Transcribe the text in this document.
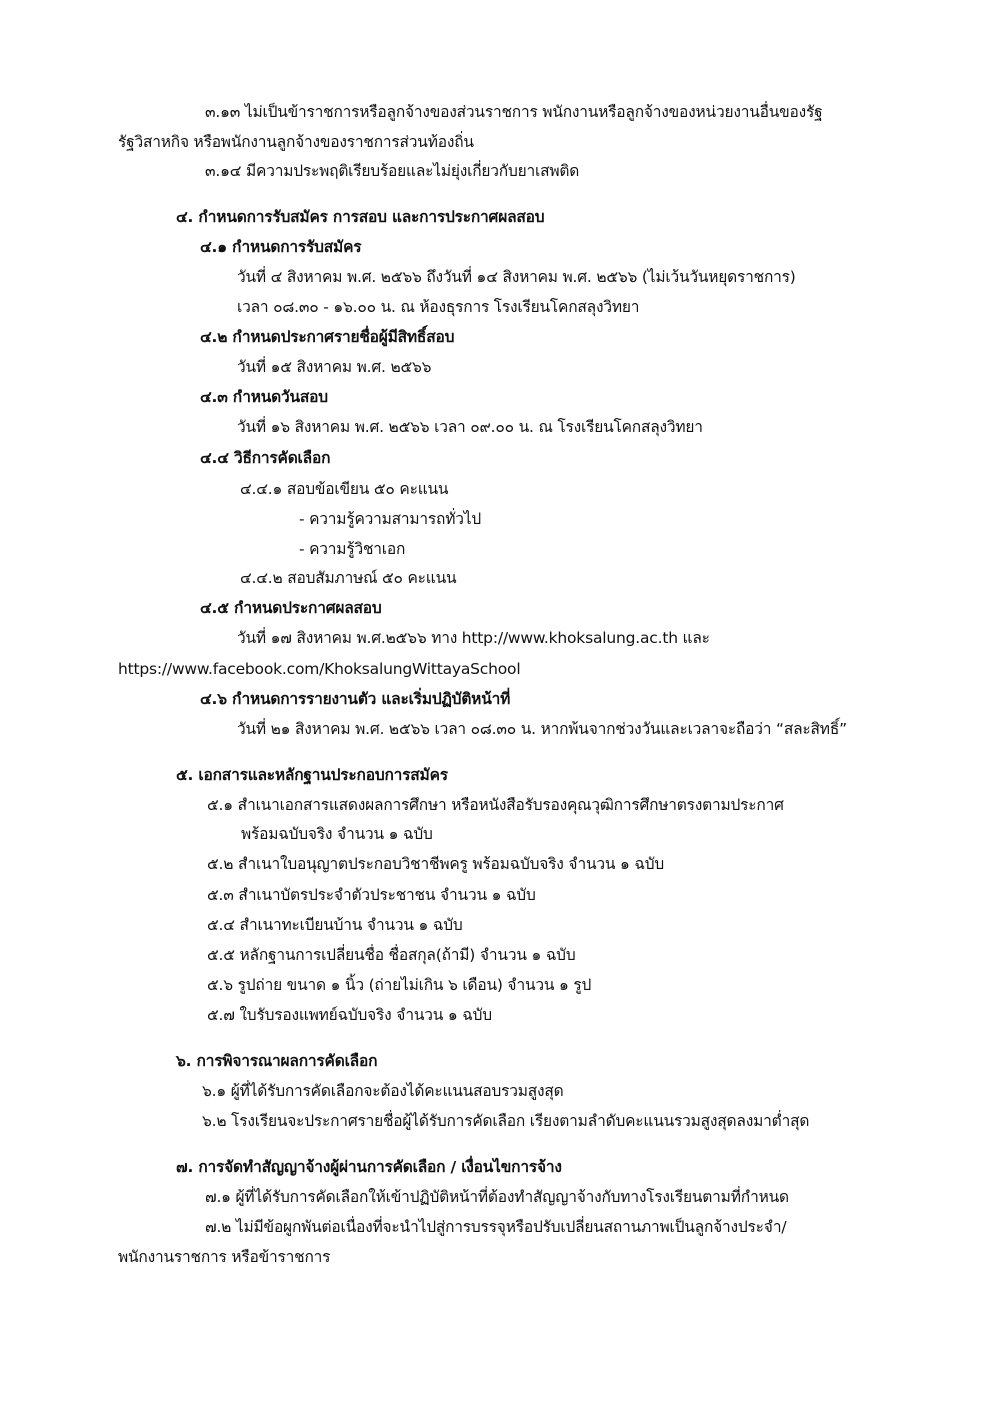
๓.๑๓ ไม่เป็นข้าราชการหรือลูกจ้างของส่วนราชการ พนักงานหรือลูกจ้างของหน่วยงานอื่นของรัฐ
รัฐวิสาหกิจ หรือพนักงานลูกจ้างของราชการส่วนท้องถิ่น
๓.๑๔ มีความประพฤติเรียบร้อยและไม่ยุ่งเกี่ยวกับยาเสพติด
๔. กำหนดการรับสมัคร การสอบ และการประกาศผลสอบ
๔.๑ กำหนดการรับสมัคร
วันที่ ๔ สิงหาคม พ.ศ. ๒๕๖๖ ถึงวันที่ ๑๔ สิงหาคม พ.ศ. ๒๕๖๖ (ไม่เว้นวันหยุดราชการ)
เวลา ๐๘.๓๐ - ๑๖.๐๐ น. ณ ห้องธุรการ โรงเรียนโคกสลุงวิทยา
๔.๒ กำหนดประกาศรายชื่อผู้มีสิทธิ์สอบ
วันที่ ๑๕ สิงหาคม พ.ศ. ๒๕๖๖
๔.๓ กำหนดวันสอบ
วันที่ ๑๖ สิงหาคม พ.ศ. ๒๕๖๖ เวลา ๐๙.๐๐ น. ณ โรงเรียนโคกสลุงวิทยา
๔.๔ วิธีการคัดเลือก
๔.๔.๑ สอบข้อเขียน ๕๐ คะแนน
- ความรู้ความสามารถทั่วไป
- ความรู้วิชาเอก
๔.๔.๒ สอบสัมภาษณ์ ๕๐ คะแนน
๔.๕ กำหนดประกาศผลสอบ
วันที่ ๑๗ สิงหาคม พ.ศ.๒๕๖๖ ทาง http://www.khoksalung.ac.th และ
https://www.facebook.com/KhoksalungWittayaSchool
๔.๖ กำหนดการรายงานตัว และเริ่มปฏิบัติหน้าที่
วันที่ ๒๑ สิงหาคม พ.ศ. ๒๕๖๖ เวลา ๐๘.๓๐ น. หากพ้นจากช่วงวันและเวลาจะถือว่า “สละสิทธิ์”
๕. เอกสารและหลักฐานประกอบการสมัคร
๕.๑ สำเนาเอกสารแสดงผลการศึกษา หรือหนังสือรับรองคุณวุฒิการศึกษาตรงตามประกาศ
พร้อมฉบับจริง จำนวน ๑ ฉบับ
๕.๒ สำเนาใบอนุญาตประกอบวิชาชีพครู พร้อมฉบับจริง จำนวน ๑ ฉบับ
๕.๓ สำเนาบัตรประจำตัวประชาชน จำนวน ๑ ฉบับ
๕.๔ สำเนาทะเบียนบ้าน จำนวน ๑ ฉบับ
๕.๕ หลักฐานการเปลี่ยนชื่อ ชื่อสกุล(ถ้ามี) จำนวน ๑ ฉบับ
๕.๖ รูปถ่าย ขนาด ๑ นิ้ว (ถ่ายไม่เกิน ๖ เดือน) จำนวน ๑ รูป
๕.๗ ใบรับรองแพทย์ฉบับจริง จำนวน ๑ ฉบับ
๖. การพิจารณาผลการคัดเลือก
๖.๑ ผู้ที่ได้รับการคัดเลือกจะต้องได้คะแนนสอบรวมสูงสุด
๖.๒ โรงเรียนจะประกาศรายชื่อผู้ได้รับการคัดเลือก เรียงตามลำดับคะแนนรวมสูงสุดลงมาต่ำสุด
๗. การจัดทำสัญญาจ้างผู้ผ่านการคัดเลือก / เงื่อนไขการจ้าง
๗.๑ ผู้ที่ได้รับการคัดเลือกให้เข้าปฏิบัติหน้าที่ต้องทำสัญญาจ้างกับทางโรงเรียนตามที่กำหนด
๗.๒ ไม่มีข้อผูกพันต่อเนื่องที่จะนำไปสู่การบรรจุหรือปรับเปลี่ยนสถานภาพเป็นลูกจ้างประจำ/
พนักงานราชการ หรือข้าราชการ
